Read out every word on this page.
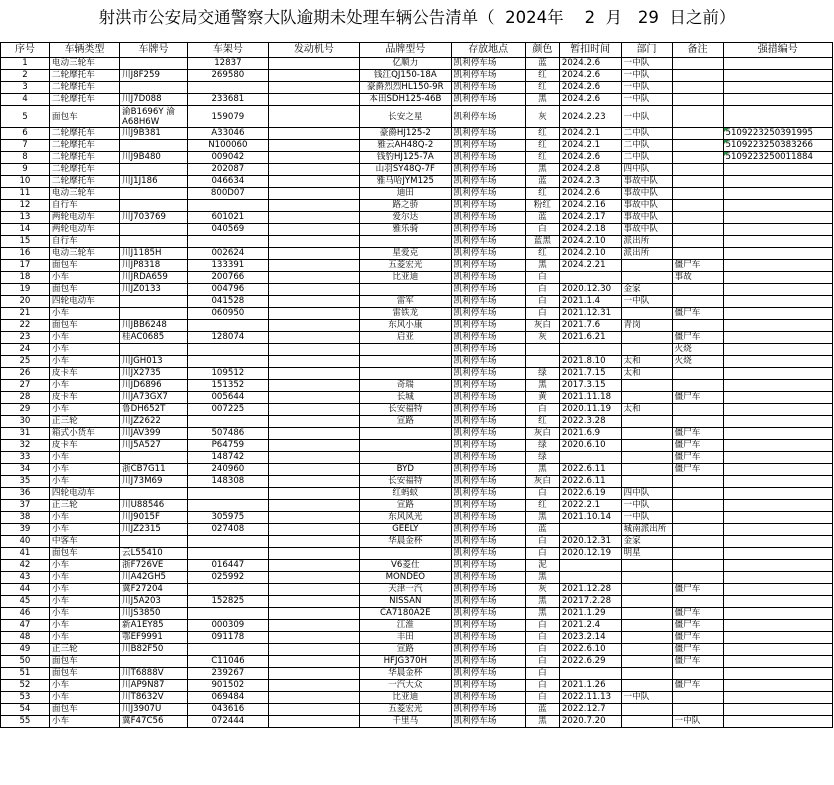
射洪市公安局交通警察大队逾期未处理车辆公告清单（  2024年    2  月   29  日之前）
序号	车辆类型	车牌号	车架号	发动机号	品牌型号	存放地点	颜色	暂扣时间	部门	备注	强措编号
1	电动三轮车		12837		亿顺力	凯利停车场	蓝	2024.2.6	一中队		
2	二轮摩托车	川J8F259	269580		钱江QJ150-18A	凯利停车场	红	2024.2.6	一中队		
3	二轮摩托车				豪爵烈烈HL150-9R	凯利停车场	红	2024.2.6	一中队		
4	二轮摩托车	川J7D088	233681		本田SDH125-46B	凯利停车场	黑	2024.2.6	一中队		
5	面包车	渝B1696Y 渝A68H6W	159079		长安之星	凯利停车场	灰	2024.2.23	一中队		
6	二轮摩托车	川J9B381	A33046		豪爵HJ125-2	凯利停车场	红	2024.2.1	二中队		5109223250391995
7	二轮摩托车		N100060		雅云AH48Q-2	凯利停车场	红	2024.2.1	二中队		5109223250383266
8	二轮摩托车	川J9B480	009042		钱豹HJ125-7A	凯利停车场	红	2024.2.6	二中队		5109223250011884
9	二轮摩托车		202087		山羽SY48Q-7F	凯利停车场	黑	2024.2.8	四中队		
10	二轮摩托车	川J1J186	046634		雅马哈JYM125	凯利停车场	蓝	2024.2.3	事故中队		
11	电动三轮车		800D07		迪田	凯利停车场	红	2024.2.6	事故中队		
12	自行车				路之骄	凯利停车场	粉红	2024.2.16	事故中队		
13	两轮电动车	川J703769	601021		爱尔达	凯利停车场	蓝	2024.2.17	事故中队		
14	两轮电动车		040569		雅乐骑	凯利停车场	白	2024.2.18	事故中队		
15	自行车					凯利停车场	蓝黑	2024.2.10	派出所		
16	电动三轮车	川J1185H	002624		星爱克	凯利停车场	红	2024.2.10	派出所		
17	面包车	川JP8318	133391		五菱宏光	凯利停车场	黑	2024.2.21		僵尸车	
18	小车	川JRDA659	200766		比亚迪	凯利停车场	白			事故	
19	面包车	川JZ0133	004796			凯利停车场	白	2020.12.30	金家		
20	四轮电动车		041528		雷军	凯利停车场	白	2021.1.4	一中队		
21	小车		060950		雷铁龙	凯利停车场	白	2021.12.31		僵尸车	
22	面包车	川JBB6248			东风小康	凯利停车场	灰白	2021.7.6	青岗		
23	小车	桂AC0685	128074		启亚	凯利停车场	灰	2021.6.21		僵尸车	
24	小车					凯利停车场				火烧	
25	小车	川JGH013				凯利停车场		2021.8.10	太和	火烧	
26	皮卡车	川JX2735	109512			凯利停车场	绿	2021.7.15	太和		
27	小车	川JD6896	151352		奇瑞	凯利停车场	黑	2017.3.15			
28	皮卡车	川JA73GX7	005644		长城	凯利停车场	黄	2021.11.18		僵尸车	
29	小车	鲁DH652T	007225		长安福特	凯利停车场	白	2020.11.19	太和		
30	正三轮	川JZ2622			宣路	凯利停车场	红	2022.3.28			
31	箱式小货车	川JAV399	507486			凯利停车场	灰白	2021.6.9		僵尸车	
32	皮卡车	川J5A527	P64759			凯利停车场	绿	2020.6.10		僵尸车	
33	小车		148742			凯利停车场	绿			僵尸车	
34	小车	浙CB7G11	240960		BYD	凯利停车场	黑	2022.6.11		僵尸车	
35	小车	川J73M69	148308		长安福特	凯利停车场	灰白	2022.6.11			
36	四轮电动车				红蚂蚁	凯利停车场	白	2022.6.19	四中队		
37	正三轮	川U88546			宣路	凯利停车场	红	2022.2.1	一中队		
38	小车	川J9015F	305975		东风风光	凯利停车场	黑	2021.10.14	一中队		
39	小车	川JZ2315	027408		GEELY	凯利停车场	蓝		城南派出所		
40	中客车				华晨金杯	凯利停车场	白	2020.12.31	金家		
41	面包车	云L55410				凯利停车场	白	2020.12.19	明星		
42	小车	浙F726VE	016447		V6菱仕	凯利停车场	泥				
43	小车	川A42GH5	025992		MONDEO	凯利停车场	黑				
44	小车	冀F27204			天津一汽	凯利停车场	灰	2021.12.28		僵尸车	
45	小车	川J5A203	152825		NISSAN	凯利停车场	黑	20217.2.28			
46	小车	川JS3850			CA7180A2E	凯利停车场	黑	2021.1.29		僵尸车	
47	小车	新A1EY85	000309		江淮	凯利停车场	白	2021.2.4		僵尸车	
48	小车	鄂EF9991	091178		丰田	凯利停车场	白	2023.2.14		僵尸车	
49	正三轮	川B82F50			宣路	凯利停车场	白	2022.6.10		僵尸车	
50	面包车		C11046		HFJG370H	凯利停车场	白	2022.6.29		僵尸车	
51	面包车	川T6888V	239267		华晨金杯	凯利停车场	白				
52	小车	川AP9N87	901502		一汽大众	凯利停车场	白	2021.1.26		僵尸车	
53	小车	川T8632V	069484		比亚迪	凯利停车场	白	2022.11.13	一中队		
54	面包车	川J3907U	043616		五菱宏光	凯利停车场	蓝	2022.12.7			
55	小车	冀F47C56	072444		千里马	凯利停车场	黑	2020.7.20		一中队	
